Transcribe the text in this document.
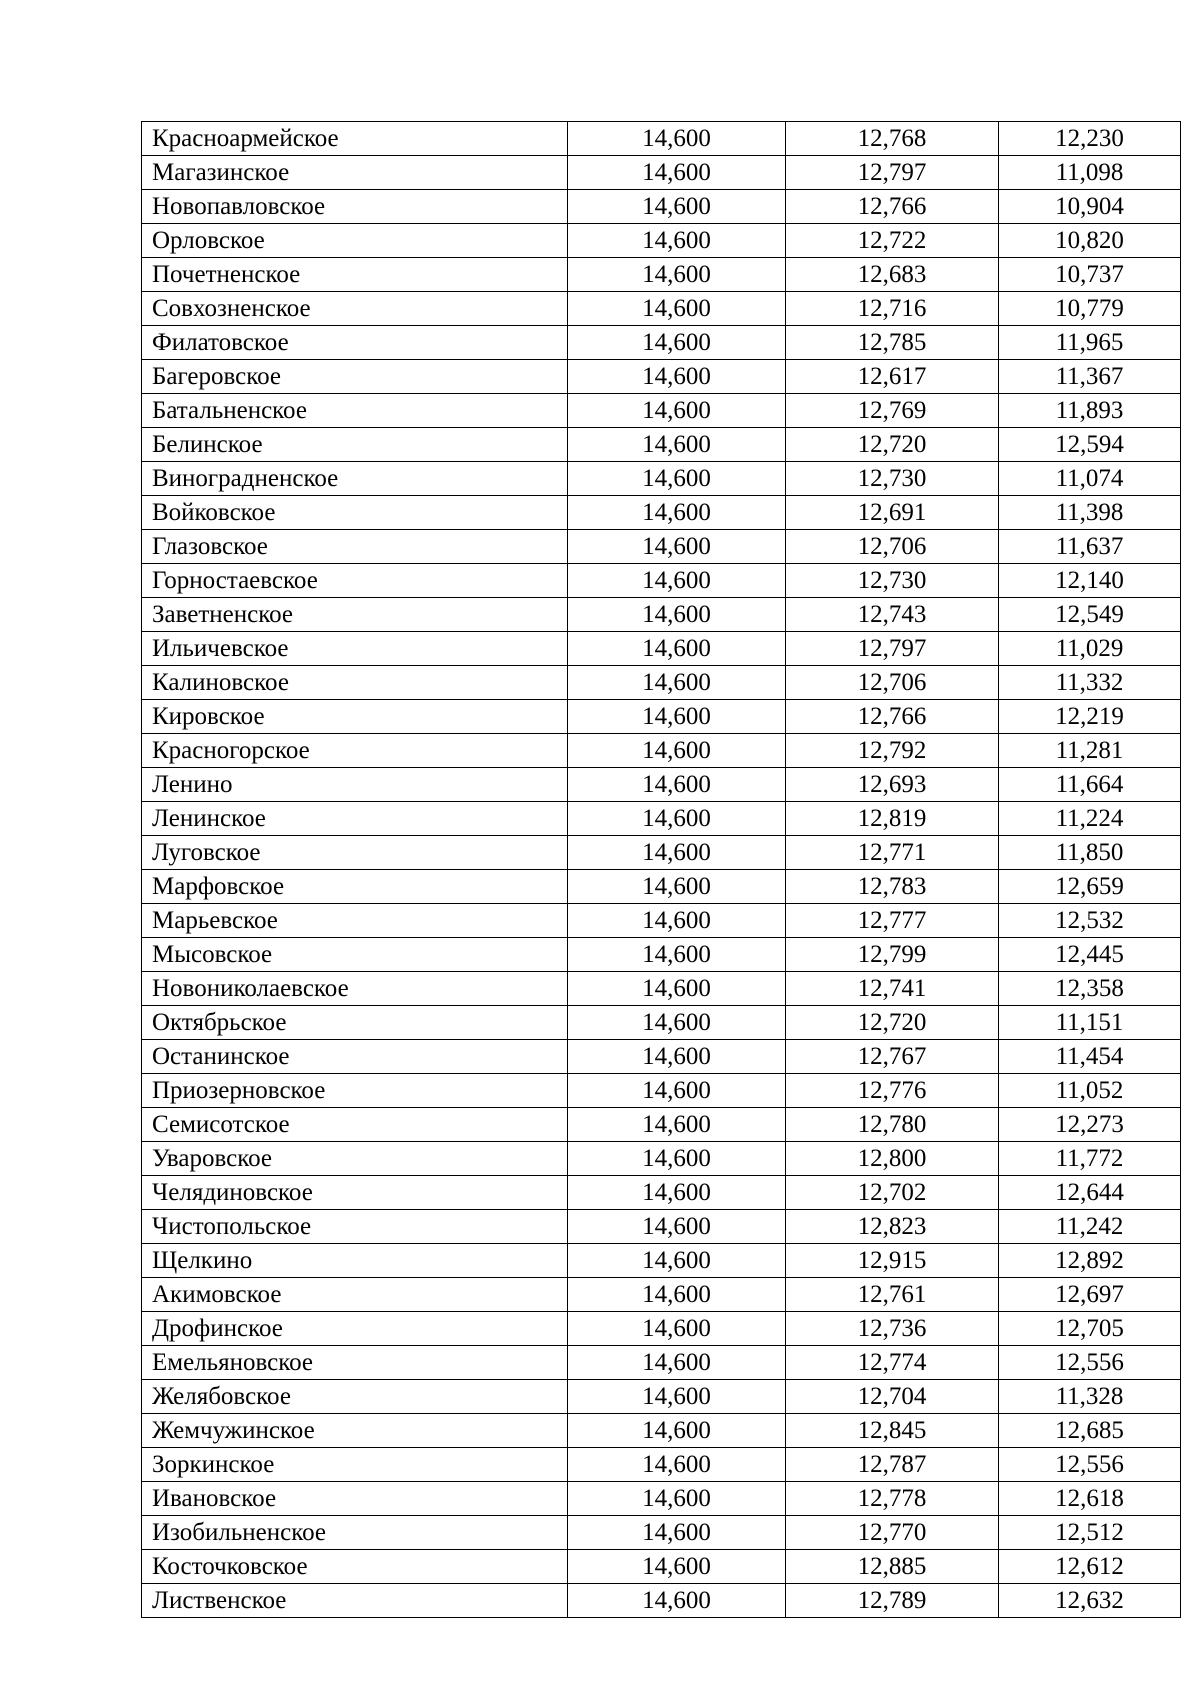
Красноармейское	14,600	12,768	12,230
Магазинское	14,600	12,797	11,098
Новопавловское	14,600	12,766	10,904
Орловское	14,600	12,722	10,820
Почетненское	14,600	12,683	10,737
Совхозненское	14,600	12,716	10,779
Филатовское	14,600	12,785	11,965
Багеровское	14,600	12,617	11,367
Батальненское	14,600	12,769	11,893
Белинское	14,600	12,720	12,594
Виноградненское	14,600	12,730	11,074
Войковское	14,600	12,691	11,398
Глазовское	14,600	12,706	11,637
Горностаевское	14,600	12,730	12,140
Заветненское	14,600	12,743	12,549
Ильичевское	14,600	12,797	11,029
Калиновское	14,600	12,706	11,332
Кировское	14,600	12,766	12,219
Красногорское	14,600	12,792	11,281
Ленино	14,600	12,693	11,664
Ленинское	14,600	12,819	11,224
Луговское	14,600	12,771	11,850
Марфовское	14,600	12,783	12,659
Марьевское	14,600	12,777	12,532
Мысовское	14,600	12,799	12,445
Новониколаевское	14,600	12,741	12,358
Октябрьское	14,600	12,720	11,151
Останинское	14,600	12,767	11,454
Приозерновское	14,600	12,776	11,052
Семисотское	14,600	12,780	12,273
Уваровское	14,600	12,800	11,772
Челядиновское	14,600	12,702	12,644
Чистопольское	14,600	12,823	11,242
Щелкино	14,600	12,915	12,892
Акимовское	14,600	12,761	12,697
Дрофинское	14,600	12,736	12,705
Емельяновское	14,600	12,774	12,556
Желябовское	14,600	12,704	11,328
Жемчужинское	14,600	12,845	12,685
Зоркинское	14,600	12,787	12,556
Ивановское	14,600	12,778	12,618
Изобильненское	14,600	12,770	12,512
Косточковское	14,600	12,885	12,612
Лиственское	14,600	12,789	12,632
